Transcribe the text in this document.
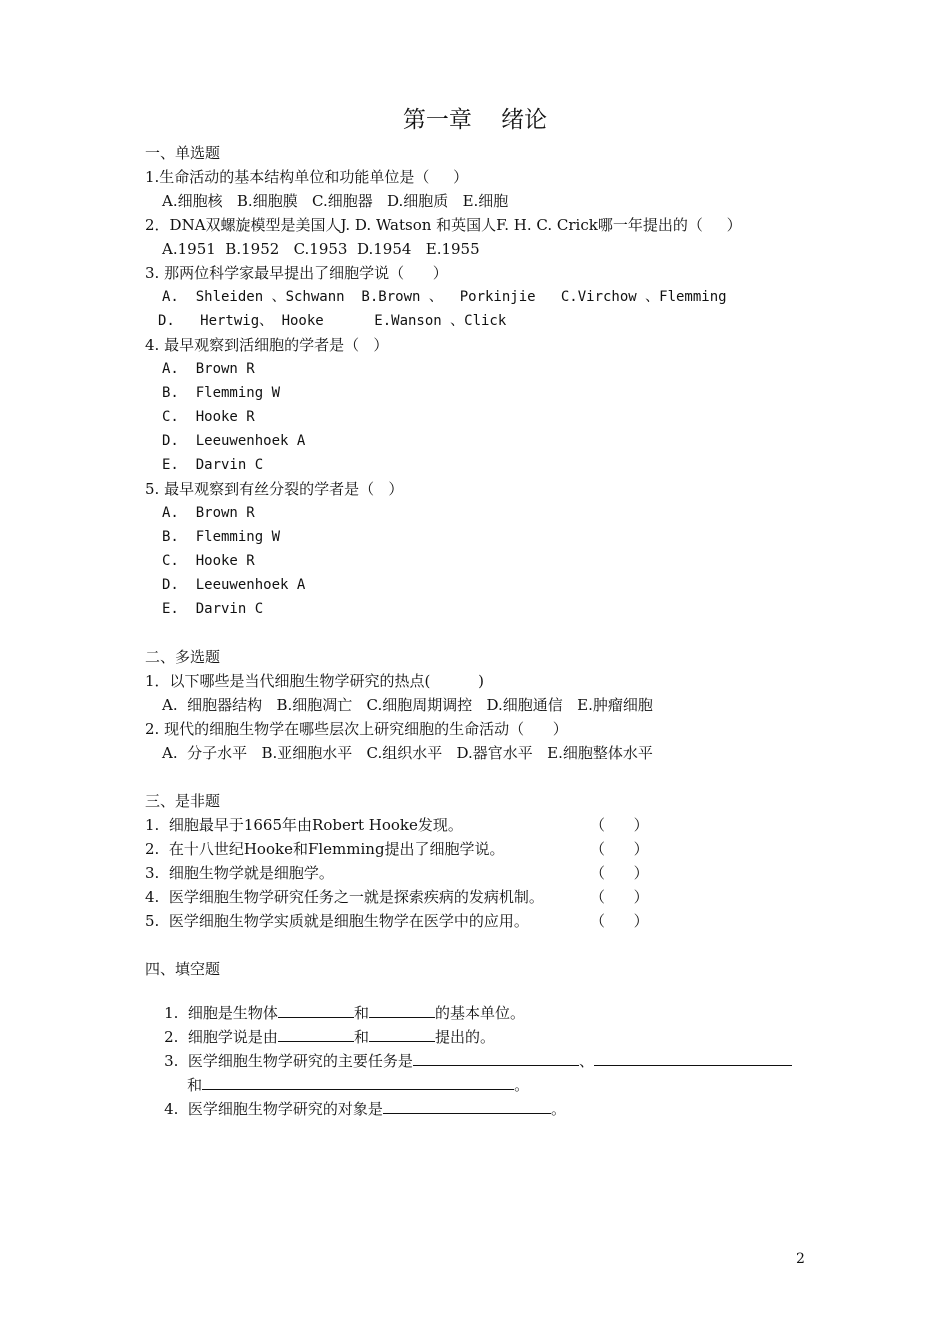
第一章    绪论
一、单选题
1.生命活动的基本结构单位和功能单位是（     ）
A.细胞核   B.细胞膜   C.细胞器   D.细胞质   E.细胞
2．DNA双螺旋模型是美国人J. D. Watson 和英国人F. H. C. Crick哪一年提出的（     ）
A.1951  B.1952   C.1953  D.1954   E.1955
3. 那两位科学家最早提出了细胞学说（      ）
A.  Shleiden 、Schwann  B.Brown 、  Porkinjie   C.Virchow 、Flemming
D.   Hertwig、 Hooke      E.Wanson 、Click
4. 最早观察到活细胞的学者是（   ）
A.  Brown R
B.  Flemming W
C.  Hooke R
D.  Leeuwenhoek A
E.  Darvin C
5. 最早观察到有丝分裂的学者是（   ）
A.  Brown R
B.  Flemming W
C.  Hooke R
D.  Leeuwenhoek A
E.  Darvin C
二、多选题
1．以下哪些是当代细胞生物学研究的热点(          )
A.  细胞器结构   B.细胞凋亡   C.细胞周期调控   D.细胞通信   E.肿瘤细胞
2. 现代的细胞生物学在哪些层次上研究细胞的生命活动（      ）
A.  分子水平   B.亚细胞水平   C.组织水平   D.器官水平   E.细胞整体水平
三、是非题
1.  细胞最早于1665年由Robert Hooke发现。	（      ）
2.  在十八世纪Hooke和Flemming提出了细胞学说。	（      ）
3.  细胞生物学就是细胞学。	（      ）
4.  医学细胞生物学研究任务之一就是探索疾病的发病机制。	（      ）
5.  医学细胞生物学实质就是细胞生物学在医学中的应用。	（      ）
四、填空题

1.  细胞是生物体	和	的基本单位。

2.  细胞学说是由	和	提出的。

3.  医学细胞生物学研究的主要任务是	、

和	。

4.  医学细胞生物学研究的对象是	。

2
